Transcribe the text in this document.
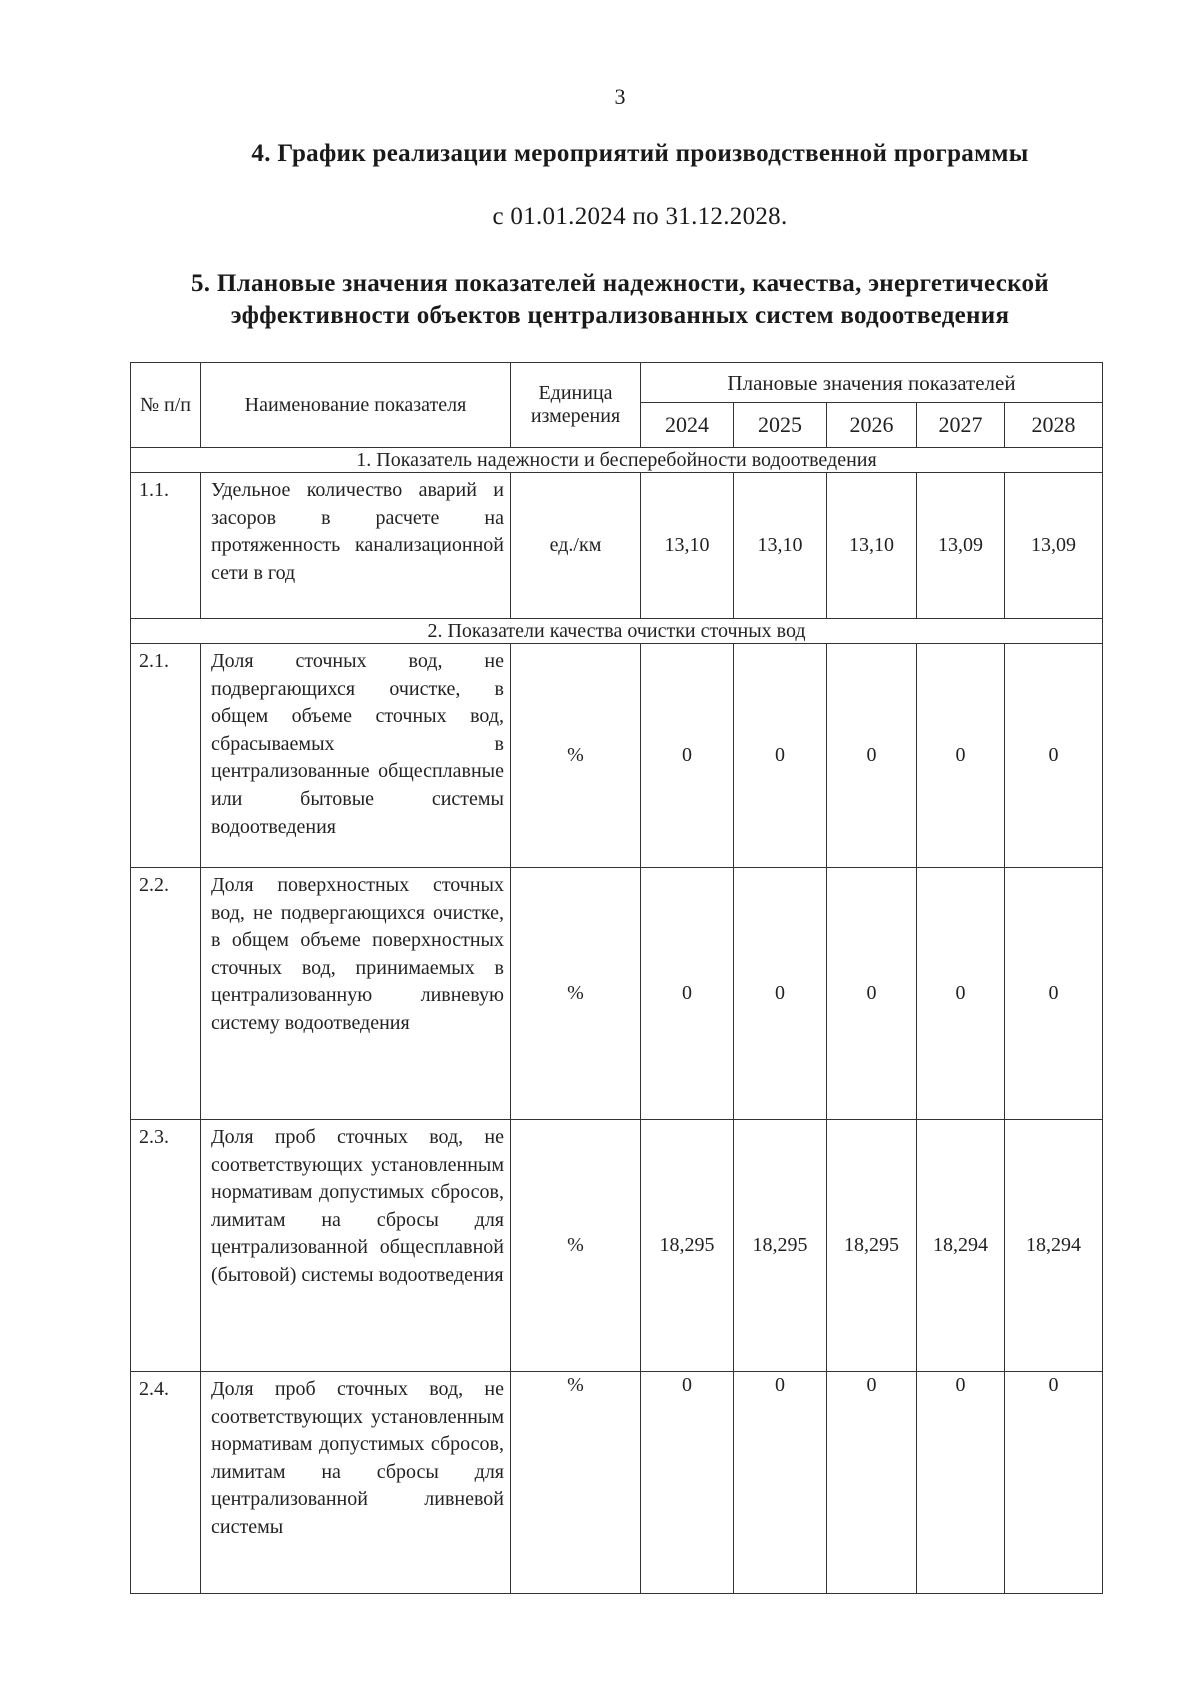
3
4. График реализации мероприятий производственной программы
с 01.01.2024 по 31.12.2028.
5. Плановые значения показателей надежности, качества, энергетической
эффективности объектов централизованных систем водоотведения
№ п/п	Наименование показателя	Единица измерения	Плановые значения показателей				
			2024	2025	2026	2027	2028
1. Показатель надежности и бесперебойности водоотведения							
1.1.	Удельное количество аварий и засоров в расчете на протяженность канализационной сети в год	ед./км	13,10	13,10	13,10	13,09	13,09
2. Показатели качества очистки сточных вод							
2.1.	Доля сточных вод, не подвергающихся очистке, в общем объеме сточных вод, сбрасываемых в централизованные общесплавные или бытовые системы водоотведения	%	0	0	0	0	0
2.2.	Доля поверхностных сточных вод, не подвергающихся очистке, в общем объеме поверхностных сточных вод, принимаемых в централизованную ливневую систему водоотведения	%	0	0	0	0	0
2.3.	Доля проб сточных вод, не соответствующих установленным нормативам допустимых сбросов, лимитам на сбросы для централизованной общесплавной (бытовой) системы водоотведения	%	18,295	18,295	18,295	18,294	18,294
2.4.	Доля проб сточных вод, не соответствующих установленным нормативам допустимых сбросов, лимитам на сбросы для централизованной ливневой системы	%	0	0	0	0	0
